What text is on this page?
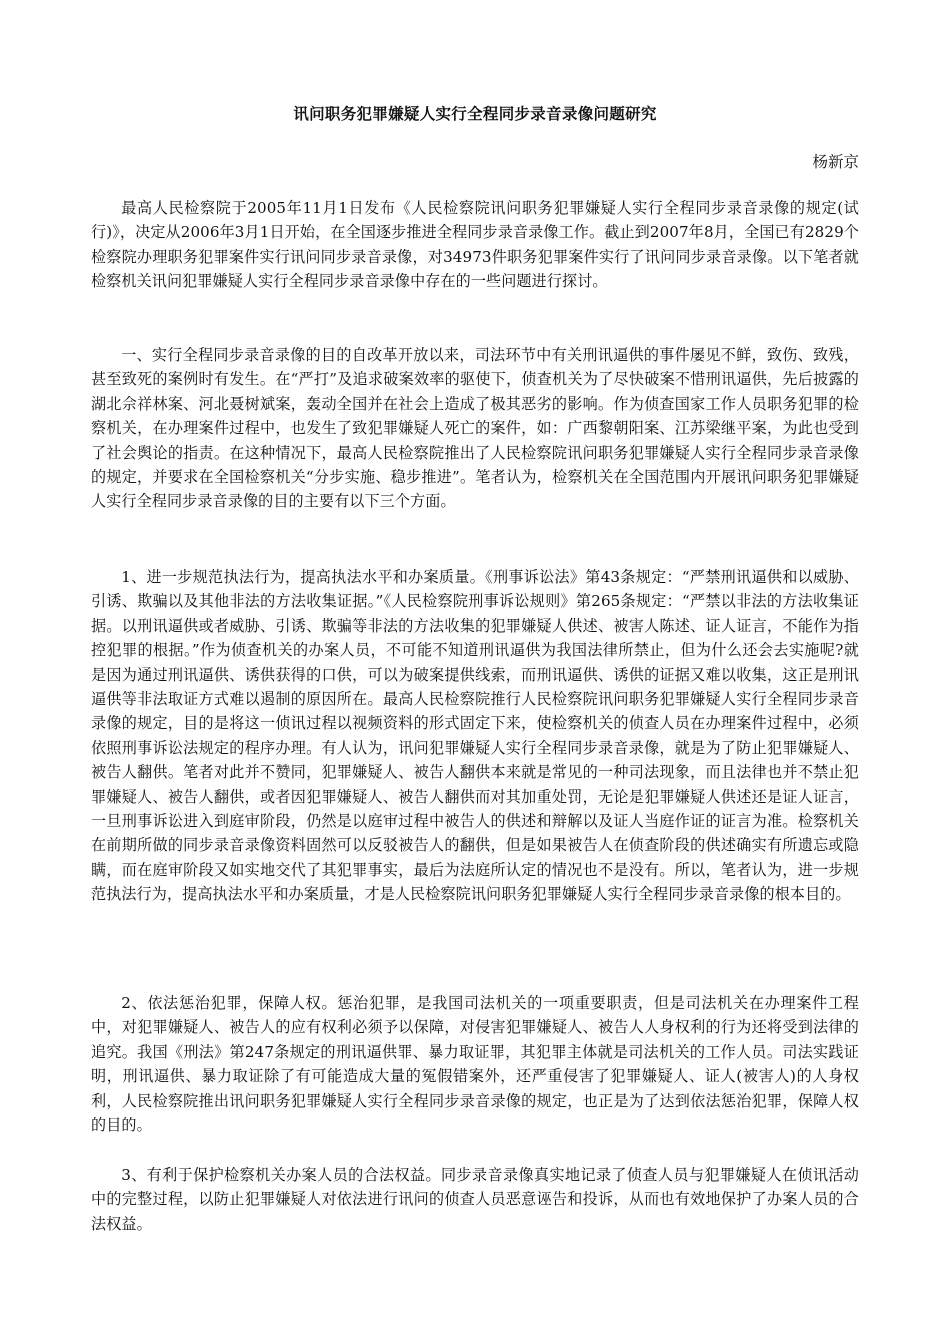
讯问职务犯罪嫌疑人实行全程同步录音录像问题研究
杨新京

最高人民检察院于2005年11月1日发布《人民检察院讯问职务犯罪嫌疑人实行全程同步录音录像的规定(试行)》，决定从2006年3月1日开始，在全国逐步推进全程同步录音录像工作。截止到2007年8月，全国已有2829个检察院办理职务犯罪案件实行讯问同步录音录像，对34973件职务犯罪案件实行了讯问同步录音录像。以下笔者就检察机关讯问犯罪嫌疑人实行全程同步录音录像中存在的一些问题进行探讨。

一、实行全程同步录音录像的目的自改革开放以来，司法环节中有关刑讯逼供的事件屡见不鲜，致伤、致残，甚至致死的案例时有发生。在“严打”及追求破案效率的驱使下，侦查机关为了尽快破案不惜刑讯逼供，先后披露的湖北佘祥林案、河北聂树斌案，轰动全国并在社会上造成了极其恶劣的影响。作为侦查国家工作人员职务犯罪的检察机关，在办理案件过程中，也发生了致犯罪嫌疑人死亡的案件，如：广西黎朝阳案、江苏梁继平案，为此也受到了社会舆论的指责。在这种情况下，最高人民检察院推出了人民检察院讯问职务犯罪嫌疑人实行全程同步录音录像的规定，并要求在全国检察机关“分步实施、稳步推进”。笔者认为，检察机关在全国范围内开展讯问职务犯罪嫌疑人实行全程同步录音录像的目的主要有以下三个方面。

1、进一步规范执法行为，提高执法水平和办案质量。《刑事诉讼法》第43条规定：“严禁刑讯逼供和以威胁、引诱、欺骗以及其他非法的方法收集证据。”《人民检察院刑事诉讼规则》第265条规定：“严禁以非法的方法收集证据。以刑讯逼供或者威胁、引诱、欺骗等非法的方法收集的犯罪嫌疑人供述、被害人陈述、证人证言，不能作为指控犯罪的根据。”作为侦查机关的办案人员，不可能不知道刑讯逼供为我国法律所禁止，但为什么还会去实施呢?就是因为通过刑讯逼供、诱供获得的口供，可以为破案提供线索，而刑讯逼供、诱供的证据又难以收集，这正是刑讯逼供等非法取证方式难以遏制的原因所在。最高人民检察院推行人民检察院讯问职务犯罪嫌疑人实行全程同步录音录像的规定，目的是将这一侦讯过程以视频资料的形式固定下来，使检察机关的侦查人员在办理案件过程中，必须依照刑事诉讼法规定的程序办理。有人认为，讯问犯罪嫌疑人实行全程同步录音录像，就是为了防止犯罪嫌疑人、被告人翻供。笔者对此并不赞同，犯罪嫌疑人、被告人翻供本来就是常见的一种司法现象，而且法律也并不禁止犯罪嫌疑人、被告人翻供，或者因犯罪嫌疑人、被告人翻供而对其加重处罚，无论是犯罪嫌疑人供述还是证人证言，一旦刑事诉讼进入到庭审阶段，仍然是以庭审过程中被告人的供述和辩解以及证人当庭作证的证言为准。检察机关在前期所做的同步录音录像资料固然可以反驳被告人的翻供，但是如果被告人在侦查阶段的供述确实有所遗忘或隐瞒，而在庭审阶段又如实地交代了其犯罪事实，最后为法庭所认定的情况也不是没有。所以，笔者认为，进一步规范执法行为，提高执法水平和办案质量，才是人民检察院讯问职务犯罪嫌疑人实行全程同步录音录像的根本目的。

2、依法惩治犯罪，保障人权。惩治犯罪，是我国司法机关的一项重要职责，但是司法机关在办理案件工程中，对犯罪嫌疑人、被告人的应有权利必须予以保障，对侵害犯罪嫌疑人、被告人人身权利的行为还将受到法律的追究。我国《刑法》第247条规定的刑讯逼供罪、暴力取证罪，其犯罪主体就是司法机关的工作人员。司法实践证明，刑讯逼供、暴力取证除了有可能造成大量的冤假错案外，还严重侵害了犯罪嫌疑人、证人(被害人)的人身权利，人民检察院推出讯问职务犯罪嫌疑人实行全程同步录音录像的规定，也正是为了达到依法惩治犯罪，保障人权的目的。

3、有利于保护检察机关办案人员的合法权益。同步录音录像真实地记录了侦查人员与犯罪嫌疑人在侦讯活动中的完整过程，以防止犯罪嫌疑人对依法进行讯问的侦查人员恶意诬告和投诉，从而也有效地保护了办案人员的合法权益。
